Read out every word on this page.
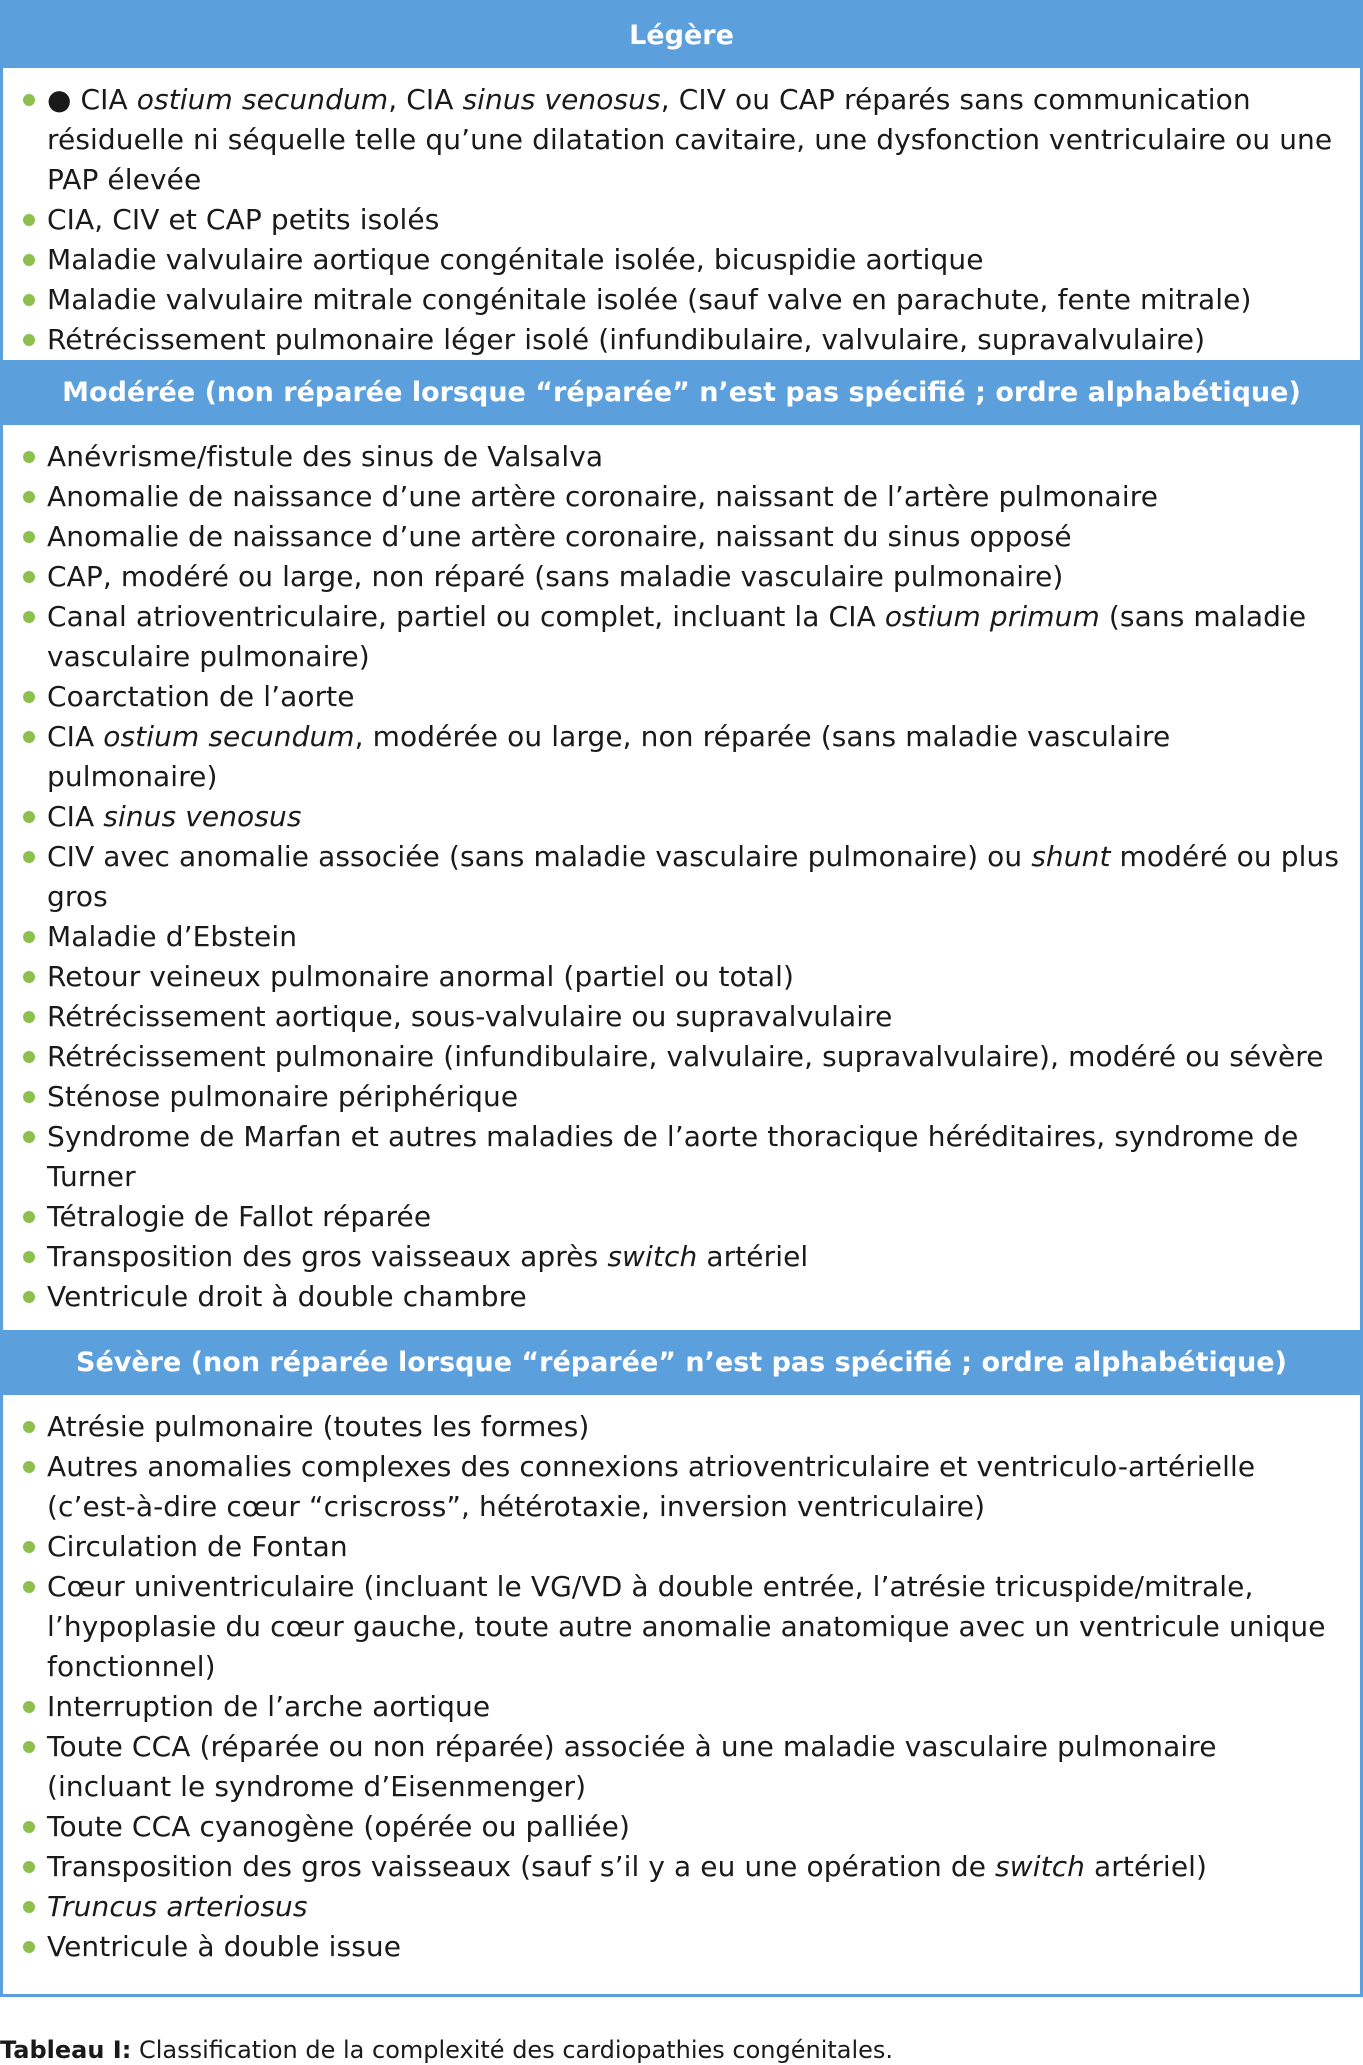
Légère
● CIA ostium secundum, CIA sinus venosus, CIV ou CAP réparés sans communication résiduelle ni séquelle telle qu’une dilatation cavitaire, une dysfonction ventriculaire ou une PAP élevée
CIA, CIV et CAP petits isolés
Maladie valvulaire aortique congénitale isolée, bicuspidie aortique
Maladie valvulaire mitrale congénitale isolée (sauf valve en parachute, fente mitrale)
Rétrécissement pulmonaire léger isolé (infundibulaire, valvulaire, supravalvulaire)
Modérée (non réparée lorsque “réparée” n’est pas spécifié ; ordre alphabétique)
Anévrisme/fistule des sinus de Valsalva
Anomalie de naissance d’une artère coronaire, naissant de l’artère pulmonaire
Anomalie de naissance d’une artère coronaire, naissant du sinus opposé
CAP, modéré ou large, non réparé (sans maladie vasculaire pulmonaire)
Canal atrioventriculaire, partiel ou complet, incluant la CIA ostium primum (sans maladie vasculaire pulmonaire)
Coarctation de l’aorte
CIA ostium secundum, modérée ou large, non réparée (sans maladie vasculaire pulmonaire)
CIA sinus venosus
CIV avec anomalie associée (sans maladie vasculaire pulmonaire) ou shunt modéré ou plus gros
Maladie d’Ebstein
Retour veineux pulmonaire anormal (partiel ou total)
Rétrécissement aortique, sous-valvulaire ou supravalvulaire
Rétrécissement pulmonaire (infundibulaire, valvulaire, supravalvulaire), modéré ou sévère
Sténose pulmonaire périphérique
Syndrome de Marfan et autres maladies de l’aorte thoracique héréditaires, syndrome de Turner
Tétralogie de Fallot réparée
Transposition des gros vaisseaux après switch artériel
Ventricule droit à double chambre
Sévère (non réparée lorsque “réparée” n’est pas spécifié ; ordre alphabétique)
Atrésie pulmonaire (toutes les formes)
Autres anomalies complexes des connexions atrioventriculaire et ventriculo-artérielle (c’est-à-dire cœur “criscross”, hétérotaxie, inversion ventriculaire)
Circulation de Fontan
Cœur univentriculaire (incluant le VG/VD à double entrée, l’atrésie tricuspide/mitrale, l’hypoplasie du cœur gauche, toute autre anomalie anatomique avec un ventricule unique fonctionnel)
Interruption de l’arche aortique
Toute CCA (réparée ou non réparée) associée à une maladie vasculaire pulmonaire (incluant le syndrome d’Eisenmenger)
Toute CCA cyanogène (opérée ou palliée)
Transposition des gros vaisseaux (sauf s’il y a eu une opération de switch artériel)
Truncus arteriosus
Ventricule à double issue
Tableau I: Classification de la complexité des cardiopathies congénitales.
